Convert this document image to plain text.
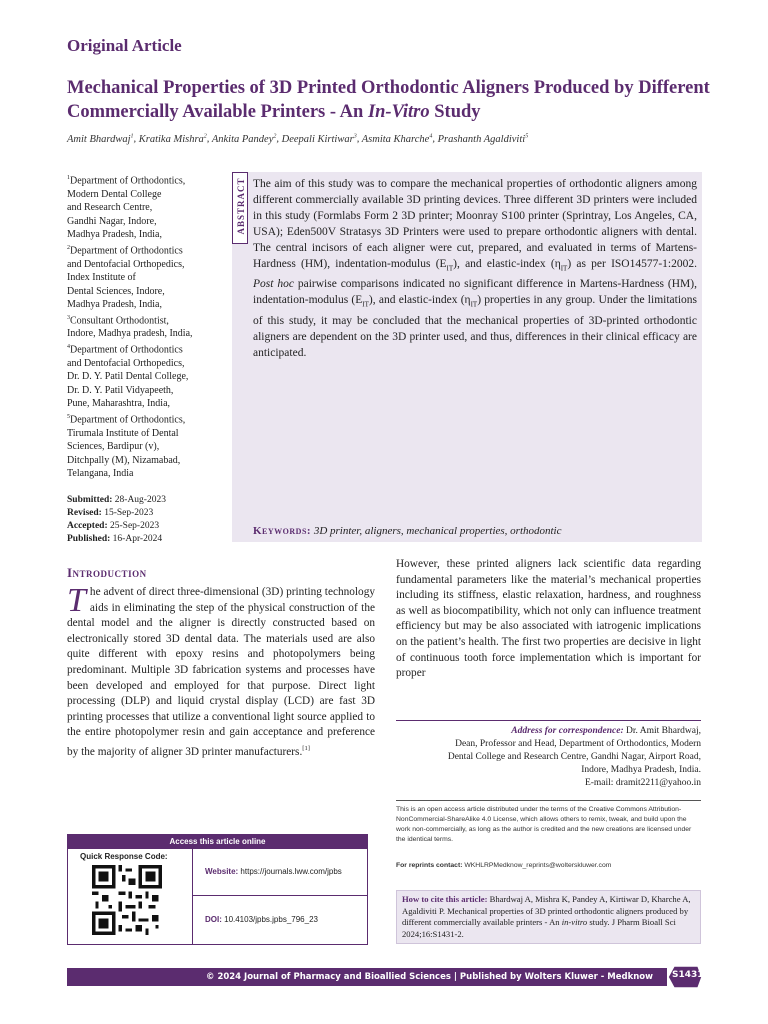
Original Article
Mechanical Properties of 3D Printed Orthodontic Aligners Produced by Different Commercially Available Printers - An In-Vitro Study
Amit Bhardwaj$^1$, Kratika Mishra$^2$, Ankita Pandey$^2$, Deepali Kirtiwar$^3$, Asmita Kharche$^4$, Prashanth Agaldiviti$^5$
$^1$Department of Orthodontics,
Modern Dental College
and Research Centre,
Gandhi Nagar, Indore,
Madhya Pradesh, India,
$^2$Department of Orthodontics
and Dentofacial Orthopedics,
Index Institute of
Dental Sciences, Indore,
Madhya Pradesh, India,
$^3$Consultant Orthodontist,
Indore, Madhya pradesh, India,
$^4$Department of Orthodontics
and Dentofacial Orthopedics,
Dr. D. Y. Patil Dental College,
Dr. D. Y. Patil Vidyapeeth,
Pune, Maharashtra, India,
$^5$Department of Orthodontics,
Tirumala Institute of Dental
Sciences, Bardipur (v),
Ditchpally (M), Nizamabad,
Telangana, India
Submitted: 28-Aug-2023
Revised: 15-Sep-2023
Accepted: 25-Sep-2023
Published: 16-Apr-2024
ABSTRACT The aim of this study was to compare the mechanical properties of orthodontic aligners among different commercially available 3D printing devices. Three different 3D printers were included in this study (Formlabs Form 2 3D printer; Moonray S100 printer (Sprintray, Los Angeles, CA, USA); Eden500V Stratasys 3D Printers were used to prepare orthodontic aligners with dental. The central incisors of each aligner were cut, prepared, and evaluated in terms of Martens-Hardness (HM), indentation-modulus $(E_{IT})$, and elastic-index $(\eta_{IT})$ as per ISO14577-1:2002. Post hoc pairwise comparisons indicated no significant difference in Martens-Hardness (HM), indentation-modulus $(E_{IT})$, and elastic-index $(\eta_{IT})$ properties in any group. Under the limitations of this study, it may be concluded that the mechanical properties of 3D-printed orthodontic aligners are dependent on the 3D printer used, and thus, differences in their clinical efficacy are anticipated.
Keywords: 3D printer, aligners, mechanical properties, orthodontic
Introduction
The advent of direct three-dimensional (3D) printing technology aids in eliminating the step of the physical construction of the dental model and the aligner is directly constructed based on electronically stored 3D dental data. The materials used are also quite different with epoxy resins and photopolymers being predominant. Multiple 3D fabrication systems and processes have been developed and employed for that purpose. Direct light processing (DLP) and liquid crystal display (LCD) are fast 3D printing processes that utilize a conventional light source applied to the entire photopolymer resin and gain acceptance and preference by the majority of aligner 3D printer manufacturers.[1]
However, these printed aligners lack scientific data regarding fundamental parameters like the material’s mechanical properties including its stiffness, elastic relaxation, hardness, and roughness as well as biocompatibility, which not only can influence treatment efficiency but may be also associated with iatrogenic implications on the patient’s health. The first two properties are decisive in light of continuous tooth force implementation which is important for proper
Address for correspondence: Dr. Amit Bhardwaj,
Dean, Professor and Head, Department of Orthodontics, Modern
Dental College and Research Centre, Gandhi Nagar, Airport Road,
Indore, Madhya Pradesh, India.
E-mail: dramit2211@yahoo.in
This is an open access article distributed under the terms of the Creative Commons Attribution-NonCommercial-ShareAlike 4.0 License, which allows others to remix, tweak, and build upon the work non-commercially, as long as the author is credited and the new creations are licensed under the identical terms.
For reprints contact: WKHLRPMedknow_reprints@wolterskluwer.com
How to cite this article: Bhardwaj A, Mishra K, Pandey A, Kirtiwar D, Kharche A, Agaldiviti P. Mechanical properties of 3D printed orthodontic aligners produced by different commercially available printers - An in-vitro study. J Pharm Bioall Sci 2024;16:S1431-2.
Access this article online
Quick Response Code:
Website: https://journals.lww.com/jpbs
DOI: 10.4103/jpbs.jpbs_796_23
© 2024 Journal of Pharmacy and Bioallied Sciences | Published by Wolters Kluwer - Medknow	S1431
